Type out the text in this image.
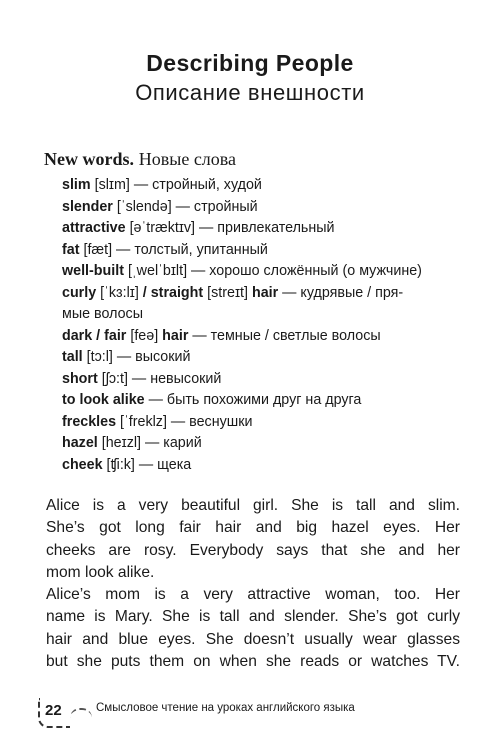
Describing People
Описание внешности
New words. Новые слова
slim [slɪm] — стройный, худой
slender [ˈslendə] — стройный
attractive [əˈtræktɪv] — привлекательный
fat [fæt] — толстый, упитанный
well-built [ˌwelˈbɪlt] — хорошо сложённый (о мужчине)
curly [ˈkɜ:lɪ] / straight [streɪt] hair — кудрявые / пря-
мые волосы
dark / fair [feə] hair — темные / светлые волосы
tall [tɔ:l] — высокий
short [ʃɔ:t] — невысокий
to look alike — быть похожими друг на друга
freckles [ˈfreklz] — веснушки
hazel [heɪzl] — карий
cheek [ʧi:k] — щека
Alice is a very beautiful girl. She is tall and slim.
She’s got long fair hair and big hazel eyes. Her
cheeks are rosy. Everybody says that she and her
mom look alike.
Alice’s mom is a very attractive woman, too. Her
name is Mary. She is tall and slender. She’s got curly
hair and blue eyes. She doesn’t usually wear glasses
but she puts them on when she reads or watches TV.
22	Смысловое чтение на уроках английского языка
